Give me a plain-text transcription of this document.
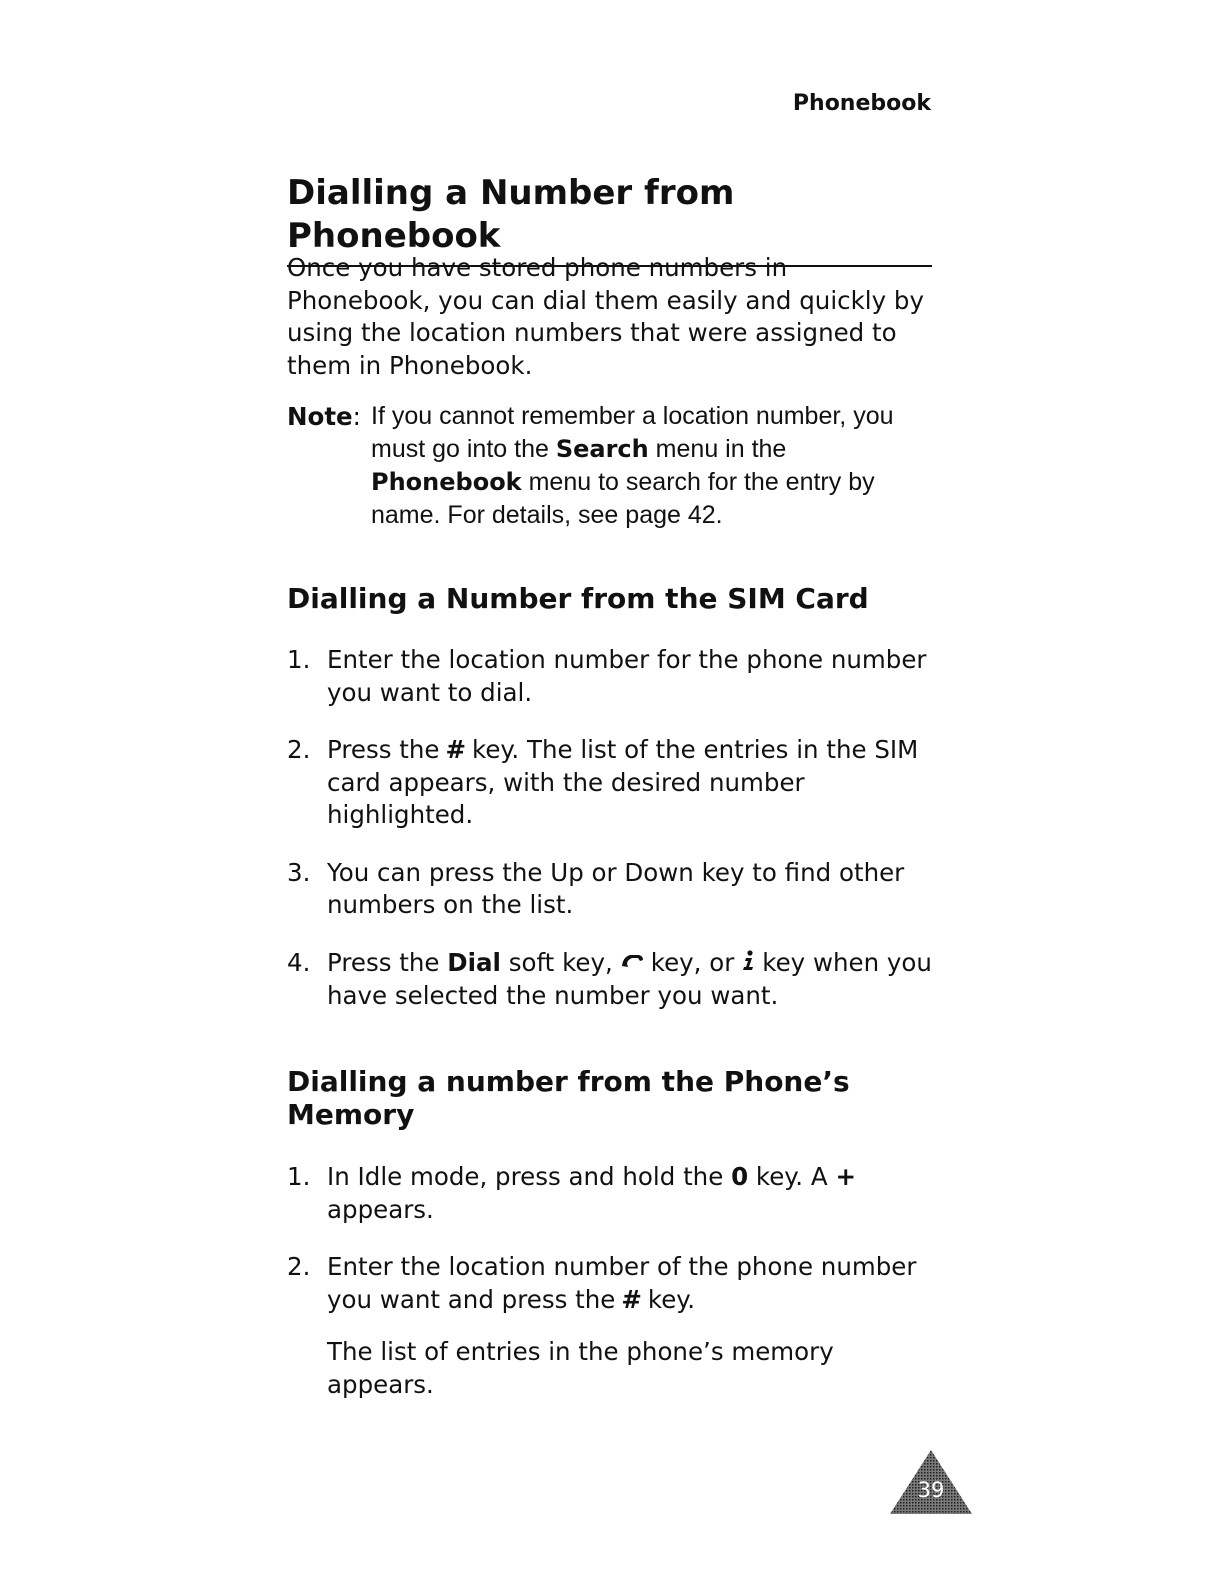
Phonebook
Dialling a Number from Phonebook

Once you have stored phone numbers in Phonebook, you can dial them easily and quickly by using the location numbers that were assigned to them in Phonebook.

Note: If you cannot remember a location number, you must go into the Search menu in the Phonebook menu to search for the entry by name. For details, see page 42.

Dialling a Number from the SIM Card
1. Enter the location number for the phone number you want to dial.
2. Press the # key. The list of the entries in the SIM card appears, with the desired number highlighted.
3. You can press the Up or Down key to find other numbers on the list.
4. Press the Dial soft key, key, or key when you have selected the number you want.
Dialling a number from the Phone’s Memory
1. In Idle mode, press and hold the 0 key. A + appears.
2. Enter the location number of the phone number you want and press the # key.
The list of entries in the phone’s memory appears.
39
